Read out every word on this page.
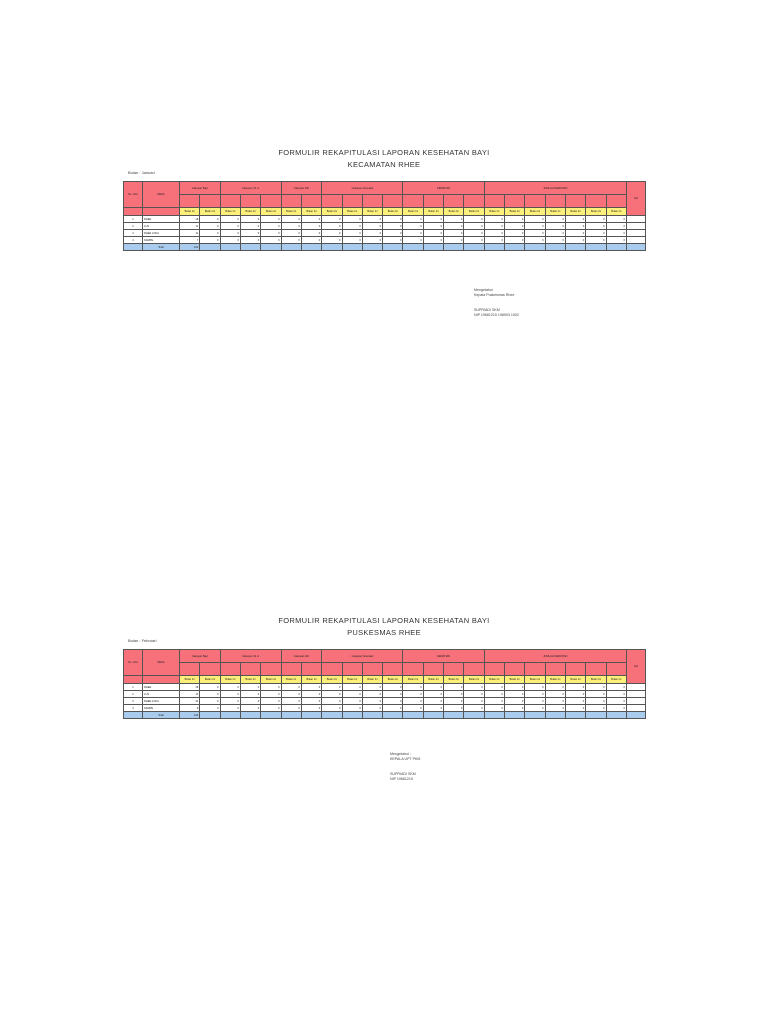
FORMULIR REKAPITULASI LAPORAN KESEHATAN BAYI
KECAMATAN RHEE
Bulan : Januari
No. Urut	DESA	Cakupan Bayi		Cakupan Vit. A			Cakupan ASI		Cakupan Neonatal				KEMATIAN				JUMLAH KEMATIAN							Ket

		Bulan Ini	Bulan Ini	Bulan Ini	Bulan Ini	Bulan Ini	Bulan Ini	Bulan Ini	Bulan Ini	Bulan Ini	Bulan Ini	Bulan Ini	Bulan Ini	Bulan Ini	Bulan Ini	Bulan Ini	Bulan Ini	Bulan Ini	Bulan Ini	Bulan Ini	Bulan Ini	Bulan Ini	Bulan Ini	
1	RHEE	18	0	0	0	0	0	0	0	0	0	0	0	0	0	0	0	0	0	0	0	0	0	
2	LUS	11	0	0	0	0	0	0	0	0	0	0	0	0	0	0	0	0	0	0	0	0	0	
3	RHEE LOKA	11	0	0	0	0	0	0	0	0	0	0	0	0	0	0	0	0	0	0	0	0	0	
4	SAMPE	7	0	0	0	0	0	0	0	0	0	0	0	0	0	0	0	0	0	0	0	0	0	
	Total	102																						
Mengetahui
Kepala Puskesmas Rhee
SUPRIADI SKM
NIP 19681215 198903 1002
FORMULIR REKAPITULASI LAPORAN KESEHATAN BAYI
PUSKESMAS RHEE
Bulan : Februari
No. Urut	DESA	Cakupan Bayi		Cakupan Vit. A			Cakupan ASI		Cakupan Neonatal				KEMATIAN				JUMLAH KEMATIAN							Ket

		Bulan Ini	Bulan Ini	Bulan Ini	Bulan Ini	Bulan Ini	Bulan Ini	Bulan Ini	Bulan Ini	Bulan Ini	Bulan Ini	Bulan Ini	Bulan Ini	Bulan Ini	Bulan Ini	Bulan Ini	Bulan Ini	Bulan Ini	Bulan Ini	Bulan Ini	Bulan Ini	Bulan Ini	Bulan Ini	
1	RHEE	18	0	0	0	0	0	0	0	0	0	0	0	0	0	0	0	0	0	0	0	0	0	
2	LUS	11	0	0	0	0	0	0	0	0	0	0	0	0	0	0	0	0	0	0	0	0	0	
3	RHEE LOKA	41	0	0	0	0	0	0	0	0	0	0	0	0	0	0	0	0	0	0	0	0	0	
4	SAMPE	8	0	0	0	0	0	0	0	0	0	0	0	0	0	0	0	0	0	0	0	0	0	
	Total	124																						
Mengetahui :
KEPALA UPT PKM
SUPRIADI SKM
NIP 19681215
